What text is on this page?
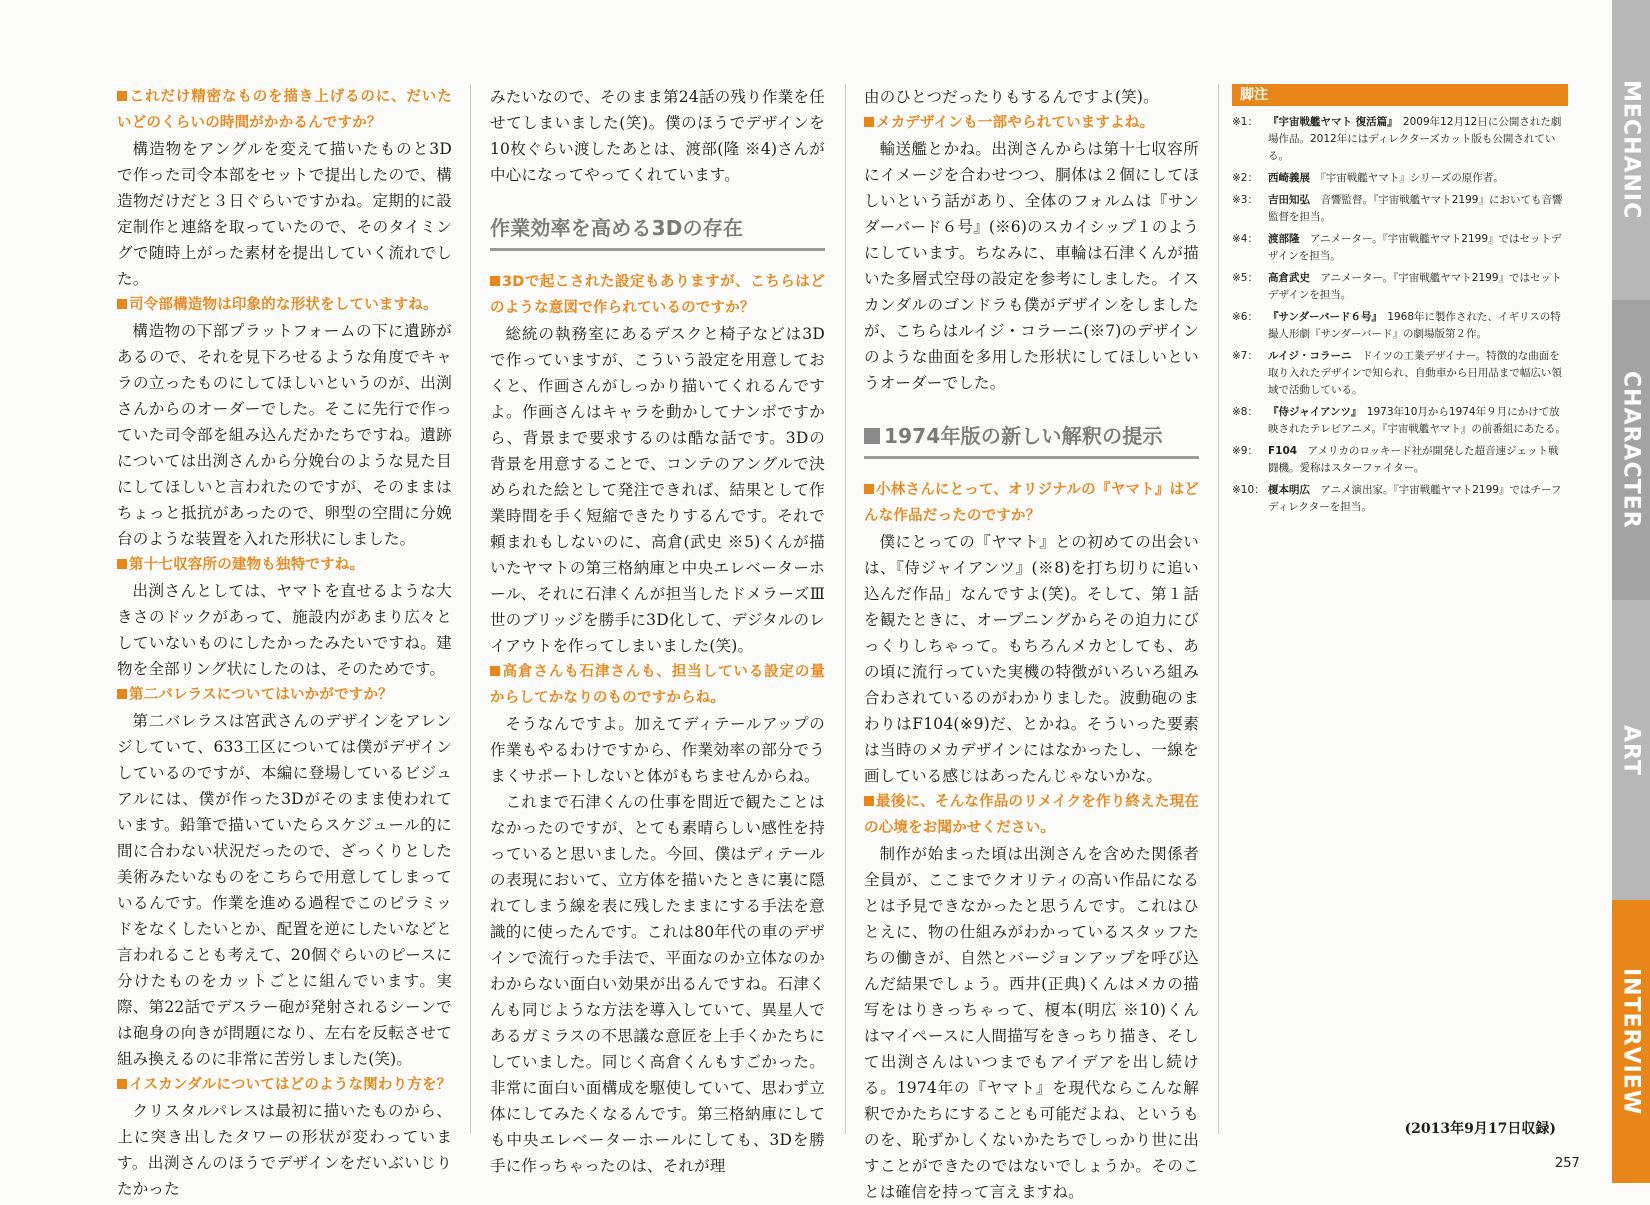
これだけ精密なものを描き上げるのに、だいたいどのくらいの時間がかかるんですか？

構造物をアングルを変えて描いたものと3Dで作った司令本部をセットで提出したので、構造物だけだと３日ぐらいですかね。定期的に設定制作と連絡を取っていたので、そのタイミングで随時上がった素材を提出していく流れでした。

司令部構造物は印象的な形状をしていますね。

構造物の下部プラットフォームの下に遺跡があるので、それを見下ろせるような角度でキャラの立ったものにしてほしいというのが、出渕さんからのオーダーでした。そこに先行で作っていた司令部を組み込んだかたちですね。遺跡については出渕さんから分娩台のような見た目にしてほしいと言われたのですが、そのままはちょっと抵抗があったので、卵型の空間に分娩台のような装置を入れた形状にしました。

第十七収容所の建物も独特ですね。

出渕さんとしては、ヤマトを直せるような大きさのドックがあって、施設内があまり広々としていないものにしたかったみたいですね。建物を全部リング状にしたのは、そのためです。

第二バレラスについてはいかがですか？

第二バレラスは宮武さんのデザインをアレンジしていて、633工区については僕がデザインしているのですが、本編に登場しているビジュアルには、僕が作った3Dがそのまま使われています。鉛筆で描いていたらスケジュール的に間に合わない状況だったので、ざっくりとした美術みたいなものをこちらで用意してしまっているんです。作業を進める過程でこのピラミッドをなくしたいとか、配置を逆にしたいなどと言われることも考えて、20個ぐらいのピースに分けたものをカットごとに組んでいます。実際、第22話でデスラー砲が発射されるシーンでは砲身の向きが問題になり、左右を反転させて組み換えるのに非常に苦労しました(笑)。

イスカンダルについてはどのような関わり方を？

クリスタルパレスは最初に描いたものから、上に突き出したタワーの形状が変わっています。出渕さんのほうでデザインをだいぶいじりたかった

みたいなので、そのまま第24話の残り作業を任せてしまいました(笑)。僕のほうでデザインを10枚ぐらい渡したあとは、渡部(隆 ※4)さんが中心になってやってくれています。

作業効率を高める3Dの存在
3Dで起こされた設定もありますが、こちらはどのような意図で作られているのですか？

総統の執務室にあるデスクと椅子などは3Dで作っていますが、こういう設定を用意しておくと、作画さんがしっかり描いてくれるんですよ。作画さんはキャラを動かしてナンボですから、背景まで要求するのは酷な話です。3Dの背景を用意することで、コンテのアングルで決められた絵として発注できれば、結果として作業時間を手く短縮できたりするんです。それで頼まれもしないのに、高倉(武史 ※5)くんが描いたヤマトの第三格納庫と中央エレベーターホール、それに石津くんが担当したドメラーズⅢ世のブリッジを勝手に3D化して、デジタルのレイアウトを作ってしまいました(笑)。

高倉さんも石津さんも、担当している設定の量からしてかなりのものですからね。

そうなんですよ。加えてディテールアップの作業もやるわけですから、作業効率の部分でうまくサポートしないと体がもちませんからね。

これまで石津くんの仕事を間近で観たことはなかったのですが、とても素晴らしい感性を持っていると思いました。今回、僕はディテールの表現において、立方体を描いたときに裏に隠れてしまう線を表に残したままにする手法を意識的に使ったんです。これは80年代の車のデザインで流行った手法で、平面なのか立体なのかわからない面白い効果が出るんですね。石津くんも同じような方法を導入していて、異星人であるガミラスの不思議な意匠を上手くかたちにしていました。同じく高倉くんもすごかった。非常に面白い面構成を駆使していて、思わず立体にしてみたくなるんです。第三格納庫にしても中央エレベーターホールにしても、3Dを勝手に作っちゃったのは、それが理

由のひとつだったりもするんですよ(笑)。

メカデザインも一部やられていますよね。

輸送艦とかね。出渕さんからは第十七収容所にイメージを合わせつつ、胴体は２個にしてほしいという話があり、全体のフォルムは『サンダーバード６号』(※6)のスカイシップ１のようにしています。ちなみに、車輪は石津くんが描いた多層式空母の設定を参考にしました。イスカンダルのゴンドラも僕がデザインをしましたが、こちらはルイジ・コラーニ(※7)のデザインのような曲面を多用した形状にしてほしいというオーダーでした。

1974年版の新しい解釈の提示
小林さんにとって、オリジナルの『ヤマト』はどんな作品だったのですか？

僕にとっての『ヤマト』との初めての出会いは、『侍ジャイアンツ』(※8)を打ち切りに追い込んだ作品」なんですよ(笑)。そして、第１話を観たときに、オープニングからその迫力にびっくりしちゃって。もちろんメカとしても、あの頃に流行っていた実機の特徴がいろいろ組み合わされているのがわかりました。波動砲のまわりはF104(※9)だ、とかね。そういった要素は当時のメカデザインにはなかったし、一線を画している感じはあったんじゃないかな。

最後に、そんな作品のリメイクを作り終えた現在の心境をお聞かせください。

制作が始まった頃は出渕さんを含めた関係者全員が、ここまでクオリティの高い作品になるとは予見できなかったと思うんです。これはひとえに、物の仕組みがわかっているスタッフたちの働きが、自然とバージョンアップを呼び込んだ結果でしょう。西井(正典)くんはメカの描写をはりきっちゃって、榎本(明広 ※10)くんはマイペースに人間描写をきっちり描き、そして出渕さんはいつまでもアイデアを出し続ける。1974年の『ヤマト』を現代ならこんな解釈でかたちにすることも可能だよね、というものを、恥ずかしくないかたちでしっかり世に出すことができたのではないでしょうか。そのことは確信を持って言えますね。

脚注
※1： 『宇宙戦艦ヤマト 復活篇』　2009年12月12日に公開された劇場作品。2012年にはディレクターズカット版も公開されている。
※2： 西崎義展　『宇宙戦艦ヤマト』シリーズの原作者。
※3： 吉田知弘　音響監督。『宇宙戦艦ヤマト2199』においても音響監督を担当。
※4： 渡部隆　アニメーター。『宇宙戦艦ヤマト2199』ではセットデザインを担当。
※5： 高倉武史　アニメーター。『宇宙戦艦ヤマト2199』ではセットデザインを担当。
※6： 『サンダーバード６号』　1968年に製作された、イギリスの特撮人形劇『サンダーバード』の劇場版第２作。
※7： ルイジ・コラーニ　ドイツの工業デザイナー。特徴的な曲面を取り入れたデザインで知られ、自動車から日用品まで幅広い領域で活動している。
※8： 『侍ジャイアンツ』　1973年10月から1974年９月にかけて放映されたテレビアニメ。『宇宙戦艦ヤマト』の前番組にあたる。
※9： F104　アメリカのロッキード社が開発した超音速ジェット戦闘機。愛称はスターファイター。
※10： 榎本明広　アニメ演出家。『宇宙戦艦ヤマト2199』ではチーフディレクターを担当。
(2013年9月17日収録)
257
MECHANIC
CHARACTER
ART
INTERVIEW
